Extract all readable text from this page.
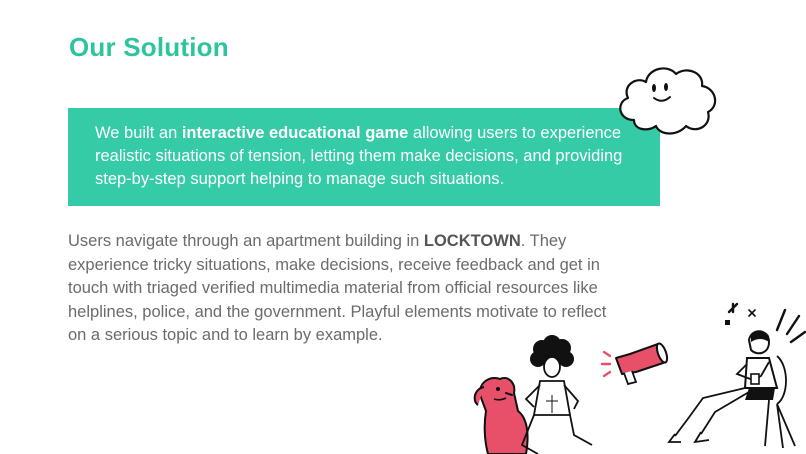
Our Solution
We built an interactive educational game allowing users to experience realistic situations of tension, letting them make decisions, and providing step-by-step support helping to manage such situations.
Users navigate through an apartment building in LOCKTOWN. They experience tricky situations, make decisions, receive feedback and get in touch with triaged verified multimedia material from official resources like helplines, police, and the government. Playful elements motivate to reflect on a serious topic and to learn by example.
